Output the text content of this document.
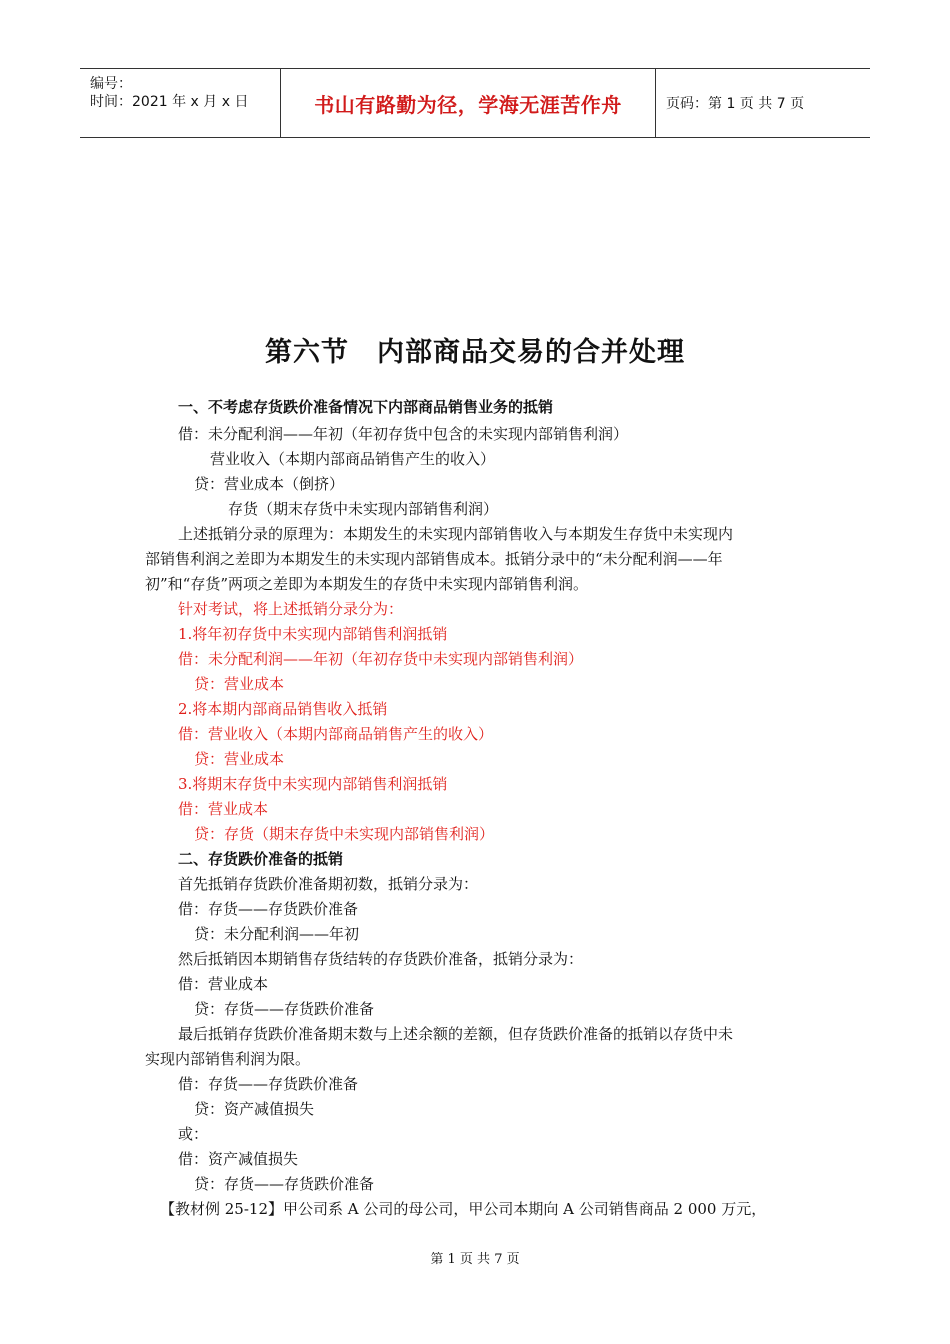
编号：
时间：2021 年 x 月 x 日	书山有路勤为径，学海无涯苦作舟	页码：第 1 页 共 7 页
第六节　内部商品交易的合并处理
一、不考虑存货跌价准备情况下内部商品销售业务的抵销
借：未分配利润——年初（年初存货中包含的未实现内部销售利润）
营业收入（本期内部商品销售产生的收入）
贷：营业成本（倒挤）
存货（期末存货中未实现内部销售利润）
上述抵销分录的原理为：本期发生的未实现内部销售收入与本期发生存货中未实现内
部销售利润之差即为本期发生的未实现内部销售成本。抵销分录中的“未分配利润——年
初”和“存货”两项之差即为本期发生的存货中未实现内部销售利润。
针对考试，将上述抵销分录分为：
1.将年初存货中未实现内部销售利润抵销
借：未分配利润——年初（年初存货中未实现内部销售利润）
贷：营业成本
2.将本期内部商品销售收入抵销
借：营业收入（本期内部商品销售产生的收入）
贷：营业成本
3.将期末存货中未实现内部销售利润抵销
借：营业成本
贷：存货（期末存货中未实现内部销售利润）
二、存货跌价准备的抵销
首先抵销存货跌价准备期初数，抵销分录为：
借：存货——存货跌价准备
贷：未分配利润——年初
然后抵销因本期销售存货结转的存货跌价准备，抵销分录为：
借：营业成本
贷：存货——存货跌价准备
最后抵销存货跌价准备期末数与上述余额的差额，但存货跌价准备的抵销以存货中未
实现内部销售利润为限。
借：存货——存货跌价准备
贷：资产减值损失
或：
借：资产减值损失
贷：存货——存货跌价准备
【教材例 25-12】甲公司系 A 公司的母公司，甲公司本期向 A 公司销售商品 2 000 万元，
第 1 页 共 7 页
